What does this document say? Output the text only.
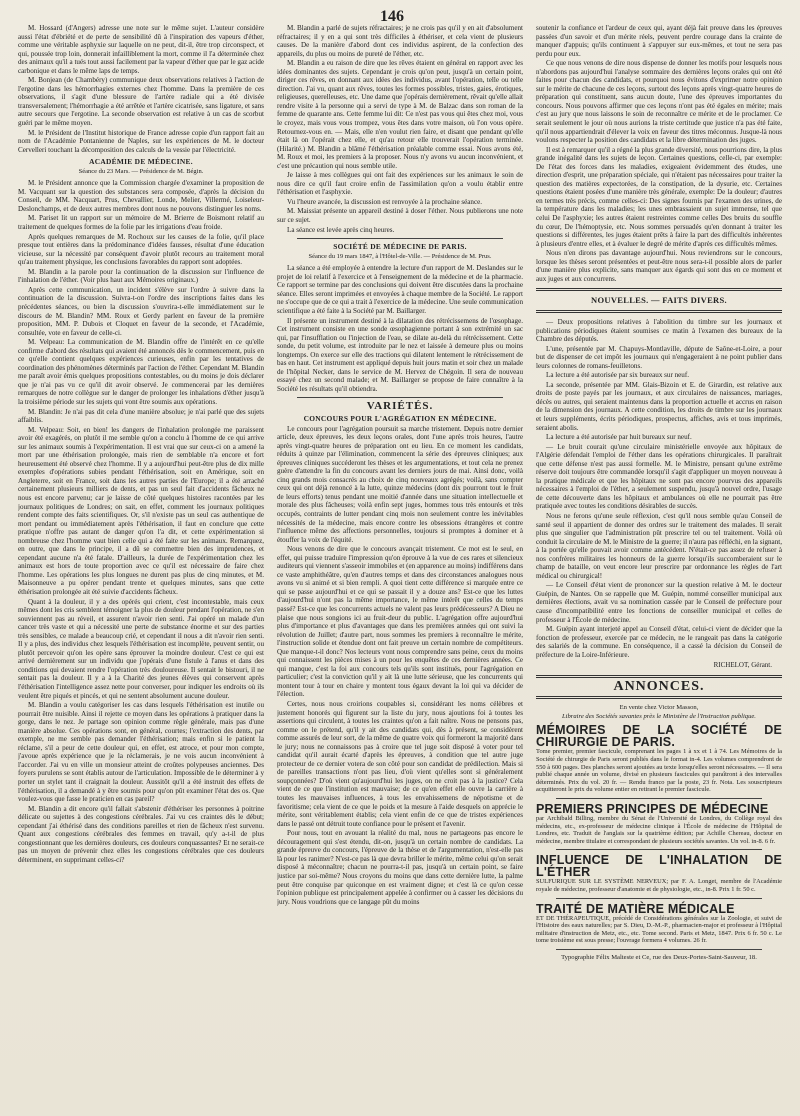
146

M. Hossard (d'Angers) adresse une note sur le même sujet. L'auteur considère aussi l'état d'ébriété et de perte de sensibilité dû à l'inspiration des vapeurs d'éther, comme une véritable asphyxie sur laquelle on ne peut, dit-il, être trop circonspect, et qui, poussée trop loin, donnerait infailliblement la mort, comme il l'a déterminée chez des animaux qu'il a tués tout aussi facilement par la vapeur d'éther que par le gaz acide carbonique et dans le même laps de temps.

M. Bonjean (de Chambéry) communique deux observations relatives à l'action de l'ergotine dans les hémorrhagies externes chez l'homme. Dans la première de ces observations, il s'agit d'une blessure de l'artère radiale qui a été divisée transversalement; l'hémorrhagie a été arrêtée et l'artère cicatrisée, sans ligature, et sans autre secours que l'ergotine. La seconde observation est relative à un cas de scorbut guéri par le même moyen.

M. le Président de l'Institut historique de France adresse copie d'un rapport fait au nom de l'Académie Pontanienne de Naples, sur les expériences de M. le docteur Cervelleri touchant la décomposition des calculs de la vessie par l'électricité.

ACADÉMIE DE MÉDECINE.
Séance du 23 Mars. — Présidence de M. Bégin.

M. le Président annonce que la Commission chargée d'examiner la proposition de M. Vacquant sur la question des substances sera composée, d'après la décision du Conseil, de MM. Nacquart, Prus, Chevallier, Londe, Melier, Villermé, Loiseleur-Deslonchamps, et de deux autres membres dont nous ne pouvons distinguer les noms.

M. Pariset lit un rapport sur un mémoire de M. Brierre de Boismont relatif au traitement de quelques formes de la folie par les irrigations d'eau froide.

Après quelques remarques de M. Rochoux sur les causes de la folie, qu'il place presque tout entières dans la prédominance d'idées fausses, résultat d'une éducation vicieuse, sur la nécessité par conséquent d'avoir plutôt recours au traitement moral qu'au traitement physique, les conclusions favorables du rapport sont adoptées.

M. Blandin a la parole pour la continuation de la discussion sur l'influence de l'inhalation de l'éther. (Voir plus haut aux Mémoires originaux.)

Après cette communication, un incident s'élève sur l'ordre à suivre dans la continuation de la discussion. Suivra-t-on l'ordre des inscriptions faites dans les précédentes séances, ou bien la discussion s'ouvrira-t-elle immédiatement sur le discours de M. Blandin? MM. Roux et Gerdy parlent en faveur de la première proposition, MM. P. Dubois et Cloquet en faveur de la seconde, et l'Académie, consultée, vote en faveur de celle-ci.

M. Velpeau: La communication de M. Blandin offre de l'intérêt en ce qu'elle confirme d'abord des résultats qui avaient été annoncés dès le commencement, puis en ce qu'elle contient quelques expériences curieuses, enfin par les tentatives de coordination des phénomènes déterminés par l'action de l'éther. Cependant M. Blandin me paraît avoir émis quelques propositions contestables, ou du moins je dois déclarer que je n'ai pas vu ce qu'il dit avoir observé. Je commencerai par les dernières remarques de notre collègue sur le danger de prolonger les inhalations d'éther jusqu'à la troisième période sur les sujets qui vont être soumis aux opérations.

M. Blandin: Je n'ai pas dit cela d'une manière absolue; je n'ai parlé que des sujets affaiblis.

M. Velpeau: Soit, en bien! les dangers de l'inhalation prolongée me paraissent avoir été exagérés, on plutôt il me semble qu'on a conclu à l'homme de ce qui arrive sur les animaux soumis à l'expérimentation. Il est vrai que sur ceux-ci on a amené la mort par une éthérisation prolongée, mais rien de semblable n'a encore et fort heureusement été observé chez l'homme. Il y a aujourd'hui peut-être plus de dix mille exemples d'opérations subies pendant l'éthérisation, soit en Amérique, soit en Angleterre, soit en France, soit dans les autres parties de l'Europe; il a été arraché certainement plusieurs milliers de dents, et pas un seul fait d'accidents fâcheux ne nous est encore parvenu; car je laisse de côté quelques histoires racontées par les journaux politiques de Londres; on sait, en effet, comment les journaux politiques rendent compte des faits scientifiques. Or, s'il n'existe pas un seul cas authentique de mort pendant ou immédiatement après l'éthérisation, il faut en conclure que cette pratique n'offre pas autant de danger qu'on l'a dit, et cette expérimentation si nombreuse chez l'homme vaut bien celle qui a été faite sur les animaux. Remarquez, en outre, que dans le principe, il a dû se commettre bien des imprudences, et cependant aucune n'a été fatale. D'ailleurs, la durée de l'expérimentation chez les animaux est hors de toute proportion avec ce qu'il est nécessaire de faire chez l'homme. Les opérations les plus longues ne durent pas plus de cinq minutes, et M. Maisonneuve a pu opérer pendant trente et quelques minutes, sans que cette éthérisation prolongée ait été suivie d'accidents fâcheux.

Quant à la douleur, il y a des opérés qui crient, c'est incontestable, mais ceux mêmes dont les cris semblent témoigner la plus de douleur pendant l'opération, ne s'en souviennent pas au réveil, et assurent n'avoir rien senti. J'ai opéré un malade d'un cancer très vaste et qui a nécessité une perte de substance énorme et sur des parties très sensibles, ce malade a beaucoup crié, et cependant il nous a dit n'avoir rien senti. Il y a plus, des individus chez lesquels l'éthérisation est incomplète, peuvent sentir, ou plutôt percevoir qu'on les opère sans éprouver la moindre douleur. C'est ce qui est arrivé dernièrement sur un individu que j'opérais d'une fistule à l'anus et dans des conditions qui devaient rendre l'opération très douloureuse. Il sentait le bistouri, il ne sentait pas la douleur. Il y a à la Charité des jeunes élèves qui conservent après l'éthérisation l'intelligence assez nette pour converser, pour indiquer les endroits où ils veulent être piqués et pincés, et qui ne sentent absolument aucune douleur.

M. Blandin a voulu catégoriser les cas dans lesquels l'éthérisation est inutile ou pourrait être nuisible. Ainsi il rejette ce moyen dans les opérations à pratiquer dans la gorge, dans le nez. Je partage son opinion comme règle générale, mais pas d'une manière absolue. Ces opérations sont, en général, courtes; l'extraction des dents, par exemple, ne me semble pas demander l'éthérisation; mais enfin si le patient la réclame, s'il a peur de cette douleur qui, en effet, est atroce, et pour mon compte, j'avoue après expérience que je la réclamerais, je ne vois aucun inconvénient à l'accorder. J'ai vu en ville un monsieur atteint de croûtes polypeuses anciennes. Des foyers purulens se sont établis autour de l'articulation. Impossible de le déterminer à y porter un stylet tant il craignait la douleur. Aussitôt qu'il a été instruit des effets de l'éthérisation, il a demandé à y être soumis pour qu'on pût examiner l'état des os. Que voulez-vous que fasse le praticien en cas pareil?

M. Blandin a dit encore qu'il fallait s'abstenir d'éthériser les personnes à poitrine délicate ou sujettes à des congestions cérébrales. J'ai vu ces craintes dès le début; cependant j'ai éthérisé dans des conditions pareilles et rien de fâcheux n'est survenu. Quant aux congestions cérébrales des femmes en travail, qu'y a-t-il de plus congestionnant que les dernières douleurs, ces douleurs conquassantes? Et ne serait-ce pas un moyen de prévenir chez elles les congestions cérébrales que ces douleurs déterminent, en supprimant celles-ci?

M. Blandin a parlé de sujets réfractaires; je ne crois pas qu'il y en ait d'absolument réfractaires; il y en a qui sont très difficiles à éthériser, et cela vient de plusieurs causes. De la manière d'abord dont ces individus aspirent, de la confection des appareils, du plus ou moins de pureté de l'éther, etc.

M. Blandin a eu raison de dire que les rêves étaient en général en rapport avec les idées dominantes des sujets. Cependant je crois qu'on peut, jusqu'à un certain point, diriger ces rêves, en donnant aux idées des individus, avant l'opération, telle ou telle direction. J'ai vu, quant aux rêves, toutes les formes possibles, tristes, gaies, érotiques, religieuses, querelleuses, etc. Une dame que j'opérais dernièrement, rêvait qu'elle allait rendre visite à la personne qui a servi de type à M. de Balzac dans son roman de la femme de quarante ans. Cette femme lui dit: Ce n'est pas vous qui êtes chez moi, vous le croyez, mais vous vous trompez, vous êtes dans votre maison, où l'on vous opère. Retournez-vous en. — Mais, elle n'en voulut rien faire, et disant que pendant qu'elle était là on l'opérait chez elle, et qu'au retour elle trouverait l'opération terminée. (Hilarité.) M. Blandin a blâmé l'éthérisation préalable comme essai. Nous avons été, M. Roux et moi, les premiers à la proposer. Nous n'y avons vu aucun inconvénient, et c'est une précaution qui nous semble utile.

Je laisse à mes collègues qui ont fait des expériences sur les animaux le soin de nous dire ce qu'il faut croire enfin de l'assimilation qu'on a voulu établir entre l'éthérisation et l'asphyxie.

Vu l'heure avancée, la discussion est renvoyée à la prochaine séance.

M. Maissiat présente un appareil destiné à doser l'éther. Nous publierons une note sur ce sujet.

La séance est levée après cinq heures.

SOCIÉTÉ DE MÉDECINE DE PARIS.
Séance du 19 mars 1847, à l'Hôtel-de-Ville. — Présidence de M. Prus.

La séance a été employée à entendre la lecture d'un rapport de M. Deslandes sur le projet de loi relatif à l'exercice et à l'enseignement de la médecine et de la pharmacie. Ce rapport se termine par des conclusions qui doivent être discutées dans la prochaine séance. Elles seront imprimées et envoyées à chaque membre de la Société. Le rapport ne s'occupe que de ce qui a trait à l'exercice de la médecine. Une seule communication scientifique a été faite à la Société par M. Baillarger.

Il présente un instrument destiné à la dilatation des rétrécissemens de l'œsophage. Cet instrument consiste en une sonde œsophagienne portant à son extrémité un sac qui, par l'insufflation ou l'injection de l'eau, se dilate au-delà du rétrécissement. Cette sonde, du petit volume, est introduite par le nez et laissée à demeure plus ou moins longtemps. On exerce sur elle des tractions qui dilatent lentement le rétrécissement de bas en haut. Cet instrument est appliqué depuis huit jours matin et soir chez un malade de l'hôpital Necker, dans le service de M. Hervez de Chégoin. Il sera de nouveau essayé chez un second malade; et M. Baillarger se propose de faire connaître à la Société les résultats qu'il obtiendra.

VARIÉTÉS.
CONCOURS POUR L'AGRÉGATION EN MÉDECINE.

Le concours pour l'agrégation poursuit sa marche tristement. Depuis notre dernier article, deux épreuves, les deux leçons orales, dont l'une après trois heures, l'autre après vingt-quatre heures de préparation ont eu lieu. En ce moment les candidats, réduits à quinze par l'élimination, commencent la série des épreuves cliniques; aux épreuves cliniques succéderont les thèses et les argumentations, et tout cela ne prenez guère d'attendre la fin du concours avant les derniers jours de mai. Ainsi donc, voilà cinq grands mois consacrés au choix de cinq nouveaux agrégés; voilà, sans compter ceux qui ont déjà renoncé à la lutte, quinze médecins (dont dix pourront tout le fruit de leurs efforts) tenus pendant une moitié d'année dans une situation intellectuelle et morale des plus fâcheuses; voilà enfin sept juges, hommes tous très entourés et très occupés, contraints de lutter pendant cinq mois non seulement contre les inévitables nécessités de la médecine, mais encore contre les obsessions étrangères et contre l'influence même des affections personnelles, toujours si promptes à dominer et à étouffer la voix de l'équité.

Nous venons de dire que le concours avançait tristement. Ce mot est le seul, en effet, qui puisse traduire l'impression qu'on éprouve à la vue de ces rares et silencieux auditeurs qui viennent s'asseoir immobiles et (en apparence au moins) indifférens dans ce vaste amphithéâtre, qu'en d'autres temps et dans des circonstances analogues nous avons vu si animé et si bien rempli. A quoi tient cette différence si marquée entre ce qui se passe aujourd'hui et ce qui se passait il y a douze ans? Est-ce que les luttes d'aujourd'hui n'ont pas la même importance, le même intérêt que celles du temps passé? Est-ce que les concurrents actuels ne valent pas leurs prédécesseurs? A Dieu ne plaise que nous songions ici au fruit-deur du public. L'agrégation offre aujourd'hui plus d'importance et plus d'avantages que dans les premières années qui ont suivi la révolution de Juillet; d'autre part, nous sommes les premiers à reconnaître le mérite, l'instruction solide et étendue dont ont fait preuve un certain nombre de compétiteurs. Que manque-t-il donc? Nos lecteurs vont nous comprendre sans peine, ceux du moins qui connaissent les pièces mises à un pour les enquêtes de ces dernières années. Ce qui manque, c'est la foi aux concours tels qu'ils sont institués, pour l'agrégation en particulier; c'est la conviction qu'il y ait là une lutte sérieuse, que les concurrents qui montent tour à tour en chaire y montent tous égaux devant la loi qui va décider de l'élection.

Certes, nous nous croirions coupables si, considérant les noms célèbres et justement honorés qui figurent sur la liste du jury, nous ajoutions foi à toutes les assertions qui circulent, à toutes les craintes qu'on a fait naître. Nous ne pensons pas, comme on le prétend, qu'il y ait des candidats qui, dès à présent, se considèrent comme assurés de leur sort, de la même de quatre voix qui formeront la majorité dans le jury; nous ne connaissons pas à croire que tel juge soit disposé à voter pour tel candidat qu'il aurait écarté d'après les épreuves, à condition que tel autre juge protecteur de ce dernier votera de son côté pour son candidat de prédilection. Mais si de pareilles transactions n'ont pas lieu, d'où vient qu'elles sont si généralement soupçonnées? D'où vient qu'aujourd'hui les juges, on ne croit pas à la justice? Cela vient de ce que l'institution est mauvaise; de ce qu'en effet elle ouvre la carrière à toutes les mauvaises influences, à tous les envahissemens de népotisme et de favoritisme; cela vient de ce que le poids et la mesure à l'aide desquels on apprécie le mérite, sont véritablement établis; cela vient enfin de ce que de tristes expériences dans le passé ont détruit toute confiance pour le présent et l'avenir.

Pour nous, tout en avouant la réalité du mal, nous ne partageons pas encore le découragement qui s'est étendu, dit-on, jusqu'à un certain nombre de candidats. La grande épreuve du concours, l'épreuve de la thèse et de l'argumentation, n'est-elle pas là pour les ranimer? N'est-ce pas là que devra briller le mérite, même celui qu'on serait disposé à méconnaître; chacun ne pourra-t-il pas, jusqu'à un certain point, se faire justice par soi-même? Nous croyons du moins que dans cette dernière lutte, la palme peut être conquise par quiconque en est vraiment digne; et c'est là ce qu'on cesse l'opinion publique est principalement appelée à confirmer ou à casser les décisions du jury. Nous voudrions que ce langage pût du moins

soutenir la confiance et l'ardeur de ceux qui, ayant déjà fait preuve dans les épreuves passées d'un savoir et d'un mérite réels, peuvent perdre courage dans la crainte de manquer d'appuis; qu'ils continuent à s'appuyer sur eux-mêmes, et tout ne sera pas perdu pour eux.

Ce que nous venons de dire nous dispense de donner les motifs pour lesquels nous n'abordons pas aujourd'hui l'analyse sommaire des dernières leçons orales qui ont été faites pour chacun des candidats, et pourquoi nous évitons d'exprimer notre opinion sur le mérite de chacune de ces leçons, surtout des leçons après vingt-quatre heures de préparation qui constituent, sans aucun doute, l'une des épreuves importantes du concours. Nous pouvons affirmer que ces leçons n'ont pas été égales en mérite; mais c'est au jury que nous laissons le soin de reconnaître ce mérite et de le proclamer. Ce serait seulement le jour où nous aurions la triste certitude que justice n'a pas été faite, qu'il nous appartiendrait d'élever la voix en faveur des titres méconnus. Jusque-là nous voulons respecter la position des candidats et la libre détermination des juges.

Il est à remarquer qu'il a régné la plus grande diversité, nous pourrions dire, la plus grande inégalité dans les sujets de leçon. Certaines questions, celle-ci, par exemple: De l'état des forces dans les maladies, exigeaient évidemment des études, une direction d'esprit, une préparation spéciale, qui n'étaient pas nécessaires pour traiter la question des matières expectorées, de la constipation, de la dysurie, etc. Certaines questions étaient posées d'une manière très générale, exemple: De la douleur; d'autres en termes très précis, comme celles-ci: Des signes fournis par l'examen des urines, de la température dans les maladies; les unes embrassaient un sujet immense, tel que celui De l'asphyxie; les autres étaient restreintes comme celles Des bruits du souffle du cœur, De l'hémoptysie, etc. Nous sommes persuadés qu'en donnant à traiter les questions si différentes, les juges étaient prêts à faire la part des difficultés inhérentes à plusieurs d'entre elles, et à évaluer le degré de mérite d'après ces difficultés mêmes.

Nous n'en dirons pas davantage aujourd'hui. Nous reviendrons sur le concours, lorsque les thèses seront présentées et peut-être nous sera-t-il possible alors de parler d'une manière plus explicite, sans manquer aux égards qui sont dus en ce moment et aux juges et aux concurrens.

NOUVELLES. — FAITS DIVERS.

— Deux propositions relatives à l'abolition du timbre sur les journaux et publications périodiques étaient soumises ce matin à l'examen des bureaux de la Chambre des députés.

L'une, présentée par M. Chapuys-Montlaville, députe de Saône-et-Loire, a pour but de dispenser de cet impôt les journaux qui n'engageraient à ne point publier dans leurs colonnes de romans-feuilletons.

La lecture a été autorisée par six bureaux sur neuf.

La seconde, présentée par MM. Glais-Bizoin et E. de Girardin, est relative aux droits de poste payés par les journaux, et aux circulaires de naissances, mariages, décès ou autres, qui seraient maintenus dans la proportion actuelle et accrus en raison de la dimension des journaux. A cette condition, les droits de timbre sur les journaux et leurs suppléments, écrits périodiques, prospectus, affiches, avis et tous imprimés, seraient abolis.

La lecture a été autorisée par huit bureaux sur neuf.

— Le bruit courait qu'une circulaire ministérielle envoyée aux hôpitaux de l'Algérie défendait l'emploi de l'éther dans les opérations chirurgicales. Il paraîtrait que cette défense n'est pas aussi formelle. M. le Ministre, pensant qu'une extrême réserve doit toujours être commandée lorsqu'il s'agit d'appliquer un moyen nouveau à la pratique médicale et que les hôpitaux ne sont pas encore pourvus des appareils nécessaires à l'emploi de l'éther, a seulement suspendu, jusqu'à nouvel ordre, l'usage de cette découverte dans les hôpitaux et ambulances où elle ne pourrait pas être pratiquée avec toutes les conditions désirables de succès.

Nous ne ferons qu'une seule réflexion, c'est qu'il nous semble qu'au Conseil de santé seul il appartient de donner des ordres sur le traitement des malades. Il serait plus que singulier que l'administration pût prescrire tel ou tel traitement. Voilà où conduit la circulaire de M. le Ministre de la guerre; il n'aura pas réfléchi, en la signant, à la portée qu'elle pouvait avoir comme antécédent. N'était-ce pas assez de refuser à nos confrères militaires les honneurs de la guerre lorsqu'ils succomberaient sur le champ de bataille, on veut encore leur prescrire par ordonnance les règles de l'art médical ou chirurgical!

— Le Conseil d'état vient de prononcer sur la question relative à M. le docteur Guépin, de Nantes. On se rappelle que M. Guépin, nommé conseiller municipal aux dernières élections, avait vu sa nomination cassée par le Conseil de préfecture pour cause d'incompatibilité entre les fonctions de conseiller municipal et celles de professeur à l'École de médecine.

M. Guépin ayant interjeté appel au Conseil d'état, celui-ci vient de décider que la fonction de professeur, exercée par ce médecin, ne le rangeait pas dans la catégorie des salariés de la commune. En conséquence, il a cassé la décision du Conseil de préfecture de la Loire-Inférieure.

RICHELOT, Gérant.
ANNONCES.
En vente chez Victor Masson,
Libraire des Sociétés savantes près le Ministère de l'Instruction publique.
MÉMOIRES DE LA SOCIÉTÉ DE CHIRURGIE DE PARIS.
Tome premier, premier fascicule, comprenant les pages 1 à xx et 1 à 74. Les Mémoires de la Société de chirurgie de Paris seront publiés dans le format in-4. Les volumes comprendront de 550 à 600 pages. Des planches seront ajoutées au texte lorsqu'elles seront nécessaires. — Il sera publié chaque année un volume, divisé en plusieurs fascicules qui paraîtront à des intervalles déterminés. Prix du vol. 20 fr. — Rendu franco par la poste, 23 fr. Nota. Les souscripteurs acquitteront le prix du volume entier en retirant le premier fascicule.
PREMIERS PRINCIPES DE MÉDECINE
par Archibald Billing, membre du Sénat de l'Université de Londres, du Collège royal des médecins, etc., ex-professeur de médecine clinique à l'École de médecine de l'Hôpital de Londres, etc. Traduit de l'anglais sur la quatrième édition; par Achille Chereau, docteur en médecine, membre titulaire et correspondant de plusieurs sociétés savantes. Un vol. in-8. 6 fr.
INFLUENCE DE L'INHALATION DE L'ÉTHER
SULFURIQUE SUR LE SYSTÈME NERVEUX; par F. A. Longet, membre de l'Académie royale de médecine, professeur d'anatomie et de physiologie, etc., in-8. Prix 1 fr. 50 c.
TRAITÉ DE MATIÈRE MÉDICALE
ET DE THÉRAPEUTIQUE, précédé de Considérations générales sur la Zoologie, et suivi de l'Histoire des eaux naturelles; par S. Dieu, D.-M.-P., pharmacien-major et professeur à l'Hôpital militaire d'instruction de Metz, etc., etc. Tome second. Paris et Metz, 1847. Prix 6 fr. 50 c. Le tome troisième est sous presse; l'ouvrage formera 4 volumes. 26 fr.
Typographie Félix Malteste et Ce, rue des Deux-Portes-Saint-Sauveur, 18.
